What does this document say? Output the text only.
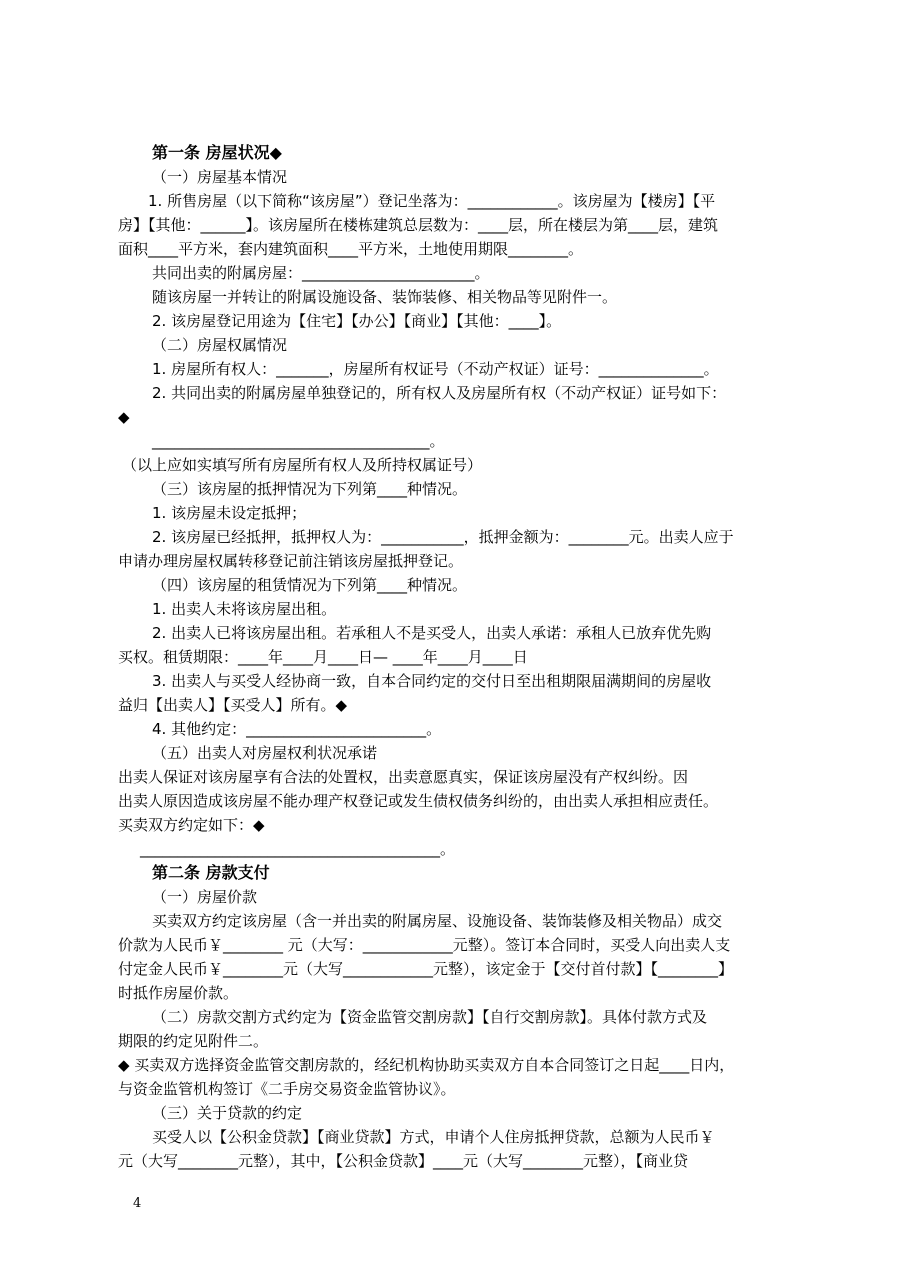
第一条 房屋状况◆
（一）房屋基本情况
1. 所售房屋（以下简称“该房屋”）登记坐落为：____________。该房屋为【楼房】【平
房】【其他：______】。该房屋所在楼栋建筑总层数为：____层，所在楼层为第____层，建筑
面积____平方米，套内建筑面积____平方米，土地使用期限________。
共同出卖的附属房屋：_______________________。
随该房屋一并转让的附属设施设备、装饰装修、相关物品等见附件一。
2. 该房屋登记用途为【住宅】【办公】【商业】【其他：____】。
（二）房屋权属情况
1. 房屋所有权人：_______，房屋所有权证号（不动产权证）证号：______________。
2. 共同出卖的附属房屋单独登记的，所有权人及房屋所有权（不动产权证）证号如下：
◆
_____________________________________。
（以上应如实填写所有房屋所有权人及所持权属证号）
（三）该房屋的抵押情况为下列第____种情况。
1. 该房屋未设定抵押；
2. 该房屋已经抵押，抵押权人为：___________，抵押金额为：________元。出卖人应于
申请办理房屋权属转移登记前注销该房屋抵押登记。
（四）该房屋的租赁情况为下列第____种情况。
1. 出卖人未将该房屋出租。
2. 出卖人已将该房屋出租。若承租人不是买受人，出卖人承诺：承租人已放弃优先购
买权。租赁期限：____年____月____日— ____年____月____日
3. 出卖人与买受人经协商一致，自本合同约定的交付日至出租期限届满期间的房屋收
益归【出卖人】【买受人】所有。◆
4. 其他约定：________________________。
（五）出卖人对房屋权利状况承诺
出卖人保证对该房屋享有合法的处置权，出卖意愿真实，保证该房屋没有产权纠纷。因
出卖人原因造成该房屋不能办理产权登记或发生债权债务纠纷的，由出卖人承担相应责任。
买卖双方约定如下：◆
________________________________________。
第二条 房款支付
（一）房屋价款
买卖双方约定该房屋（含一并出卖的附属房屋、设施设备、装饰装修及相关物品）成交
价款为人民币￥________ 元（大写：____________元整）。签订本合同时，买受人向出卖人支
付定金人民币￥________元（大写____________元整），该定金于【交付首付款】【________】
时抵作房屋价款。
（二）房款交割方式约定为【资金监管交割房款】【自行交割房款】。具体付款方式及
期限的约定见附件二。
◆ 买卖双方选择资金监管交割房款的，经纪机构协助买卖双方自本合同签订之日起____日内，
与资金监管机构签订《二手房交易资金监管协议》。
（三）关于贷款的约定
买受人以【公积金贷款】【商业贷款】方式，申请个人住房抵押贷款，总额为人民币￥
元（大写________元整），其中，【公积金贷款】____元（大写________元整），【商业贷
4
